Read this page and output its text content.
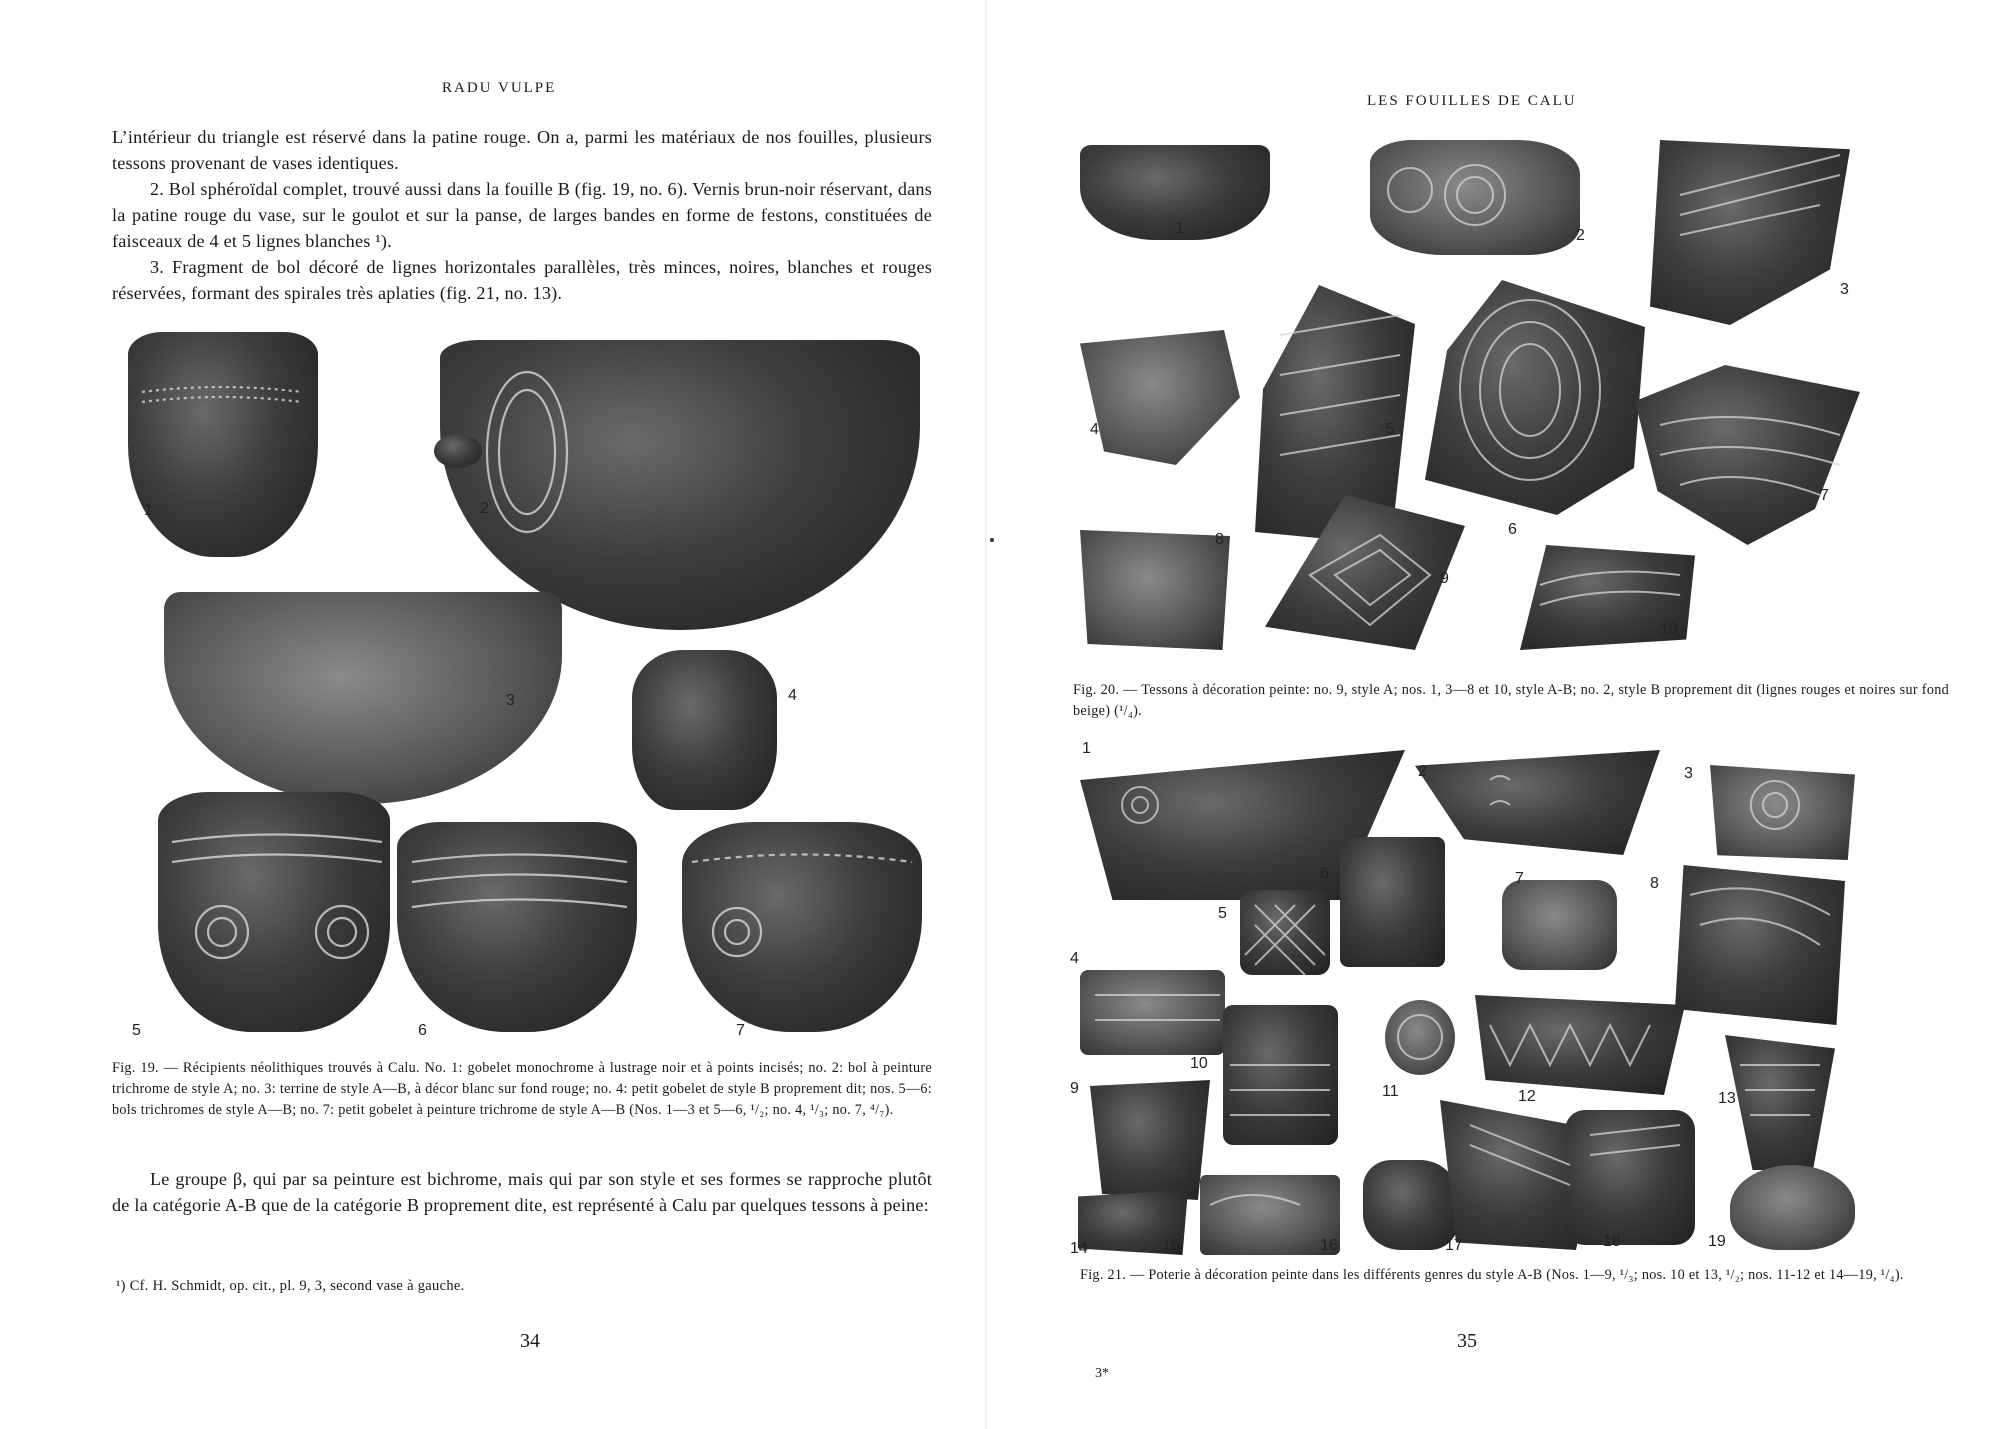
RADU VULPE

L’intérieur du triangle est réservé dans la patine rouge. On a, parmi les matériaux de nos fouilles, plusieurs tessons provenant de vases identiques.

2. Bol sphéroïdal complet, trouvé aussi dans la fouille B (fig. 19, no. 6). Vernis brun-noir réservant, dans la patine rouge du vase, sur le goulot et sur la panse, de larges bandes en forme de festons, constituées de faisceaux de 4 et 5 lignes blanches ¹).

3. Fragment de bol décoré de lignes horizontales parallèles, très minces, noires, blanches et rouges réservées, formant des spirales très aplaties (fig. 21, no. 13).

1	2
3	4
5	6	7
Fig. 19. — Récipients néolithiques trouvés à Calu. No. 1: gobelet monochrome à lustrage noir et à points incisés; no. 2: bol à peinture trichrome de style A; no. 3: terrine de style A—B, à décor blanc sur fond rouge; no. 4: petit gobelet de style B proprement dit; nos. 5—6: bols trichromes de style A—B; no. 7: petit gobelet à peinture trichrome de style A—B (Nos. 1—3 et 5—6, ¹/₂; no. 4, ¹/₃; no. 7, ⁴/₇).

Le groupe β, qui par sa peinture est bichrome, mais qui par son style et ses formes se rapproche plutôt de la catégorie A-B que de la catégorie B proprement dite, est représenté à Calu par quelques tessons à peine:

¹) Cf. H. Schmidt, op. cit., pl. 9, 3, second vase à gauche.
34
LES FOUILLES DE CALU
1	2
3
4	5
6
7
8
9
10
Fig. 20. — Tessons à décoration peinte: no. 9, style A; nos. 1, 3—8 et 10, style A-B; no. 2, style B proprement dit (lignes rouges et noires sur fond beige) (¹/₄).
1
2	3
4
5
6	7	8
9
10
11	12	13
14	15	16	17	18	19
Fig. 21. — Poterie à décoration peinte dans les différents genres du style A-B (Nos. 1—9, ¹/₃; nos. 10 et 13, ¹/₂; nos. 11-12 et 14—19, ¹/₄).
35
3*
